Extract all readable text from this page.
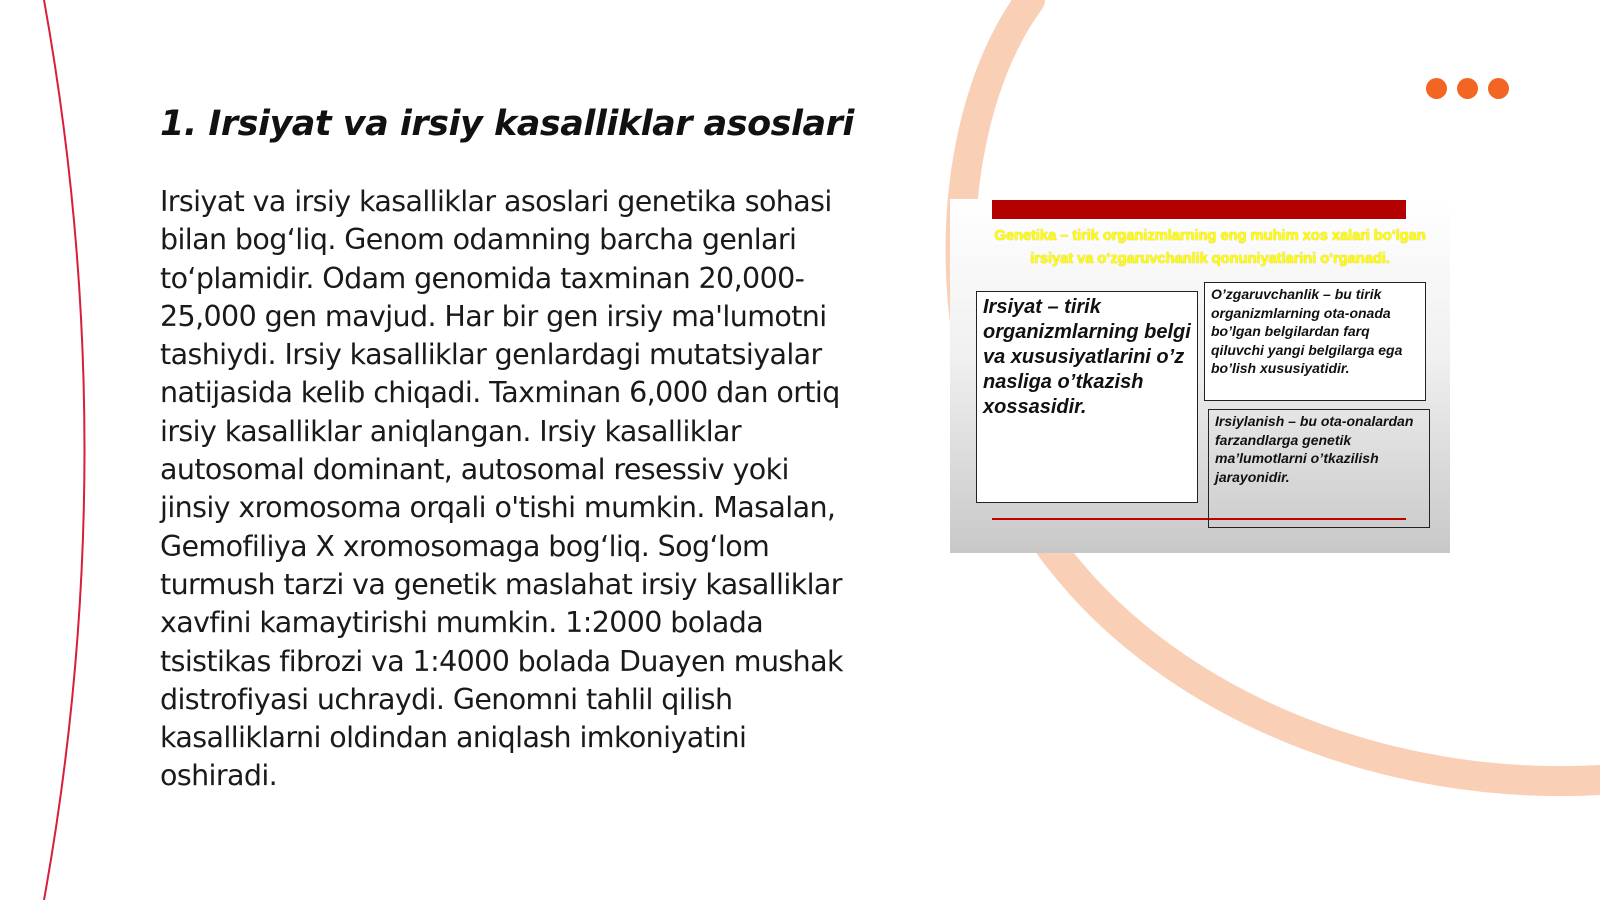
1. Irsiyat va irsiy kasalliklar asoslari

Irsiyat va irsiy kasalliklar asoslari genetika sohasi bilan bog‘liq. Genom odamning barcha genlari to‘plamidir. Odam genomida taxminan 20,000-25,000 gen mavjud. Har bir gen irsiy ma'lumotni tashiydi. Irsiy kasalliklar genlardagi mutatsiyalar natijasida kelib chiqadi. Taxminan 6,000 dan ortiq irsiy kasalliklar aniqlangan. Irsiy kasalliklar autosomal dominant, autosomal resessiv yoki jinsiy xromosoma orqali o'tishi mumkin. Masalan, Gemofiliya X xromosomaga bog‘liq. Sog‘lom turmush tarzi va genetik maslahat irsiy kasalliklar xavfini kamaytirishi mumkin. 1:2000 bolada tsistikas fibrozi va 1:4000 bolada Duayen mushak distrofiyasi uchraydi. Genomni tahlil qilish kasalliklarni oldindan aniqlash imkoniyatini oshiradi.

Genetika – tirik organizmlarning eng muhim xos xalari bo‘lgan irsiyat va o‘zgaruvchanlik qonuniyatlarini o‘rganadi.

Irsiyat – tirik organizmlarning belgi va xususiyatlarini o’z nasliga o’tkazish xossasidir.
O’zgaruvchanlik – bu tirik organizmlarning ota-onada bo’lgan belgilardan farq qiluvchi yangi belgilarga ega bo’lish xususiyatidir.
Irsiylanish – bu ota-onalardan farzandlarga genetik ma’lumotlarni o’tkazilish jarayonidir.
